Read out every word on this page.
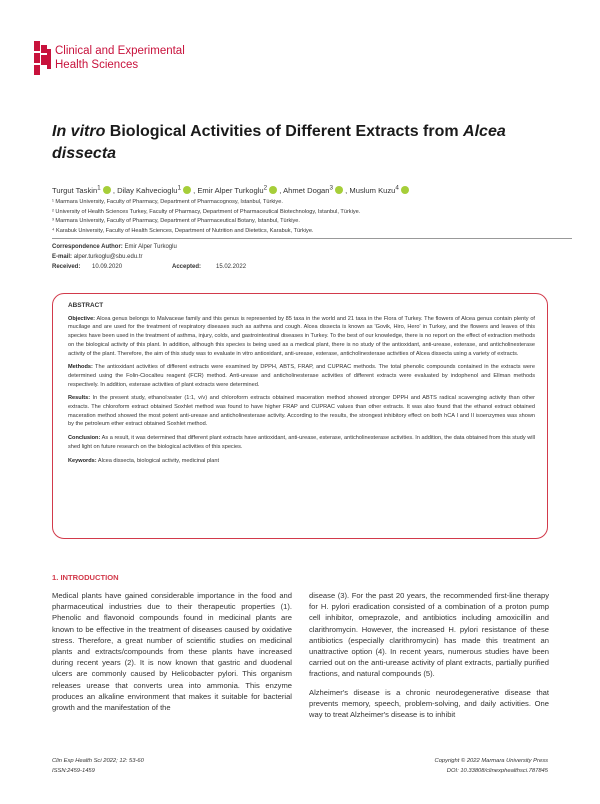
Clinical and Experimental
Health Sciences
In vitro Biological Activities of Different Extracts from Alcea dissecta
Turgut Taskin$^1$ , Dilay Kahvecioglu$^1$ , Emir Alper Turkoglu$^2$ , Ahmet Dogan$^3$ , Muslum Kuzu$^4$
¹ Marmara University, Faculty of Pharmacy, Department of Pharmacognosy, Istanbul, Türkiye.
² University of Health Sciences Turkey, Faculty of Pharmacy, Department of Pharmaceutical Biotechnology, Istanbul, Türkiye.
³ Marmara University, Faculty of Pharmacy, Department of Pharmaceutical Botany, Istanbul, Türkiye.
⁴ Karabuk University, Faculty of Health Sciences, Department of Nutrition and Dietetics, Karabuk, Türkiye.
Correspondence Author: Emir Alper Turkoglu
E-mail: alper.turkoglu@sbu.edu.tr
Received: 10.09.2020	Accepted: 15.02.2022
ABSTRACT

Objective: Alcea genus belongs to Malvaceae family and this genus is represented by 85 taxa in the world and 21 taxa in the Flora of Turkey. The flowers of Alcea genus contain plenty of mucilage and are used for the treatment of respiratory diseases such as asthma and cough. Alcea dissecta is known as 'Govik, Hiro, Hero' in Turkey, and the flowers and leaves of this species have been used in the treatment of asthma, injury, colds, and gastrointestinal diseases in Turkey. To the best of our knowledge, there is no report on the effect of extraction methods on the biological activity of this plant. In addition, although this species is being used as a medical plant, there is no study of the antioxidant, anti-urease, esterase, and anticholinesterase activity of the plant. Therefore, the aim of this study was to evaluate in vitro antioxidant, anti-urease, esterase, anticholinesterase activities of Alcea dissecta using a variety of extracts.

Methods: The antioxidant activities of different extracts were examined by DPPH, ABTS, FRAP, and CUPRAC methods. The total phenolic compounds contained in the extracts were determined using the Folin-Ciocalteu reagent (FCR) method. Anti-urease and anticholinesterase activities of different extracts were evaluated by indophenol and Ellman methods respectively. In addition, esterase activities of plant extracts were determined.

Results: In the present study, ethanol:water (1:1, v/v) and chloroform extracts obtained maceration method showed stronger DPPH and ABTS radical scavenging activity than other extracts. The chloroform extract obtained Soxhlet method was found to have higher FRAP and CUPRAC values than other extracts. It was also found that the ethanol extract obtained maceration method showed the most potent anti-urease and anticholinesterase activity. According to the results, the strongest inhibitory effect on both hCA I and II isoenzymes was shown by the petroleum ether extract obtained Soxhlet method.

Conclusion: As a result, it was determined that different plant extracts have antioxidant, anti-urease, esterase, anticholinesterase activities. In addition, the data obtained from this study will shed light on future research on the biological activities of this species.

Keywords: Alcea dissecta, biological activity, medicinal plant

1. INTRODUCTION

Medical plants have gained considerable importance in the food and pharmaceutical industries due to their therapeutic properties (1). Phenolic and flavonoid compounds found in medicinal plants are known to be effective in the treatment of diseases caused by oxidative stress. Therefore, a great number of scientific studies on medicinal plants and extracts/compounds from these plants have increased during recent years (2). It is now known that gastric and duodenal ulcers are commonly caused by Helicobacter pylori. This organism releases urease that converts urea into ammonia. This enzyme produces an alkaline environment that makes it suitable for bacterial growth and the manifestation of the

disease (3). For the past 20 years, the recommended first-line therapy for H. pylori eradication consisted of a combination of a proton pump cell inhibitor, omeprazole, and antibiotics including amoxicillin and clarithromycin. However, the increased H. pylori resistance of these antibiotics (especially clarithromycin) has made this treatment an unattractive option (4). In recent years, numerous studies have been carried out on the anti-urease activity of plant extracts, partially purified fractions, and natural compounds (5).

Alzheimer's disease is a chronic neurodegenerative disease that prevents memory, speech, problem-solving, and daily activities. One way to treat Alzheimer's disease is to inhibit

Clin Exp Health Sci 2022; 12: 53-60
ISSN:2459-1459
Copyright © 2022 Marmara University Press
DOI: 10.33808/clinexphealthsci.787845
